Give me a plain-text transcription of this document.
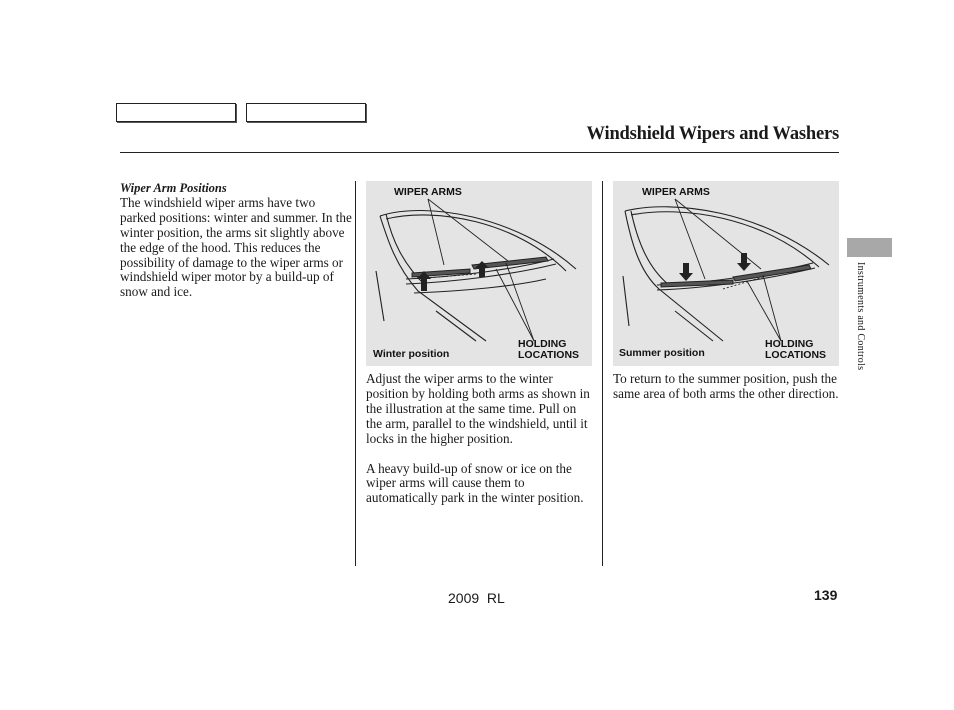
Windshield Wipers and Washers
Wiper Arm Positions

The windshield wiper arms have two parked positions: winter and summer. In the winter position, the arms sit slightly above the edge of the hood. This reduces the possibility of damage to the wiper arms or windshield wiper motor by a build-up of snow and ice.

WIPER ARMS
Winter position
HOLDING
LOCATIONS
WIPER ARMS
Summer position
HOLDING
LOCATIONS

Adjust the wiper arms to the winter position by holding both arms as shown in the illustration at the same time. Pull on the arm, parallel to the windshield, until it locks in the higher position.

A heavy build-up of snow or ice on the wiper arms will cause them to automatically park in the winter position.

To return to the summer position, push the same area of both arms the other direction.

Instruments and Controls
2009  RL	139
